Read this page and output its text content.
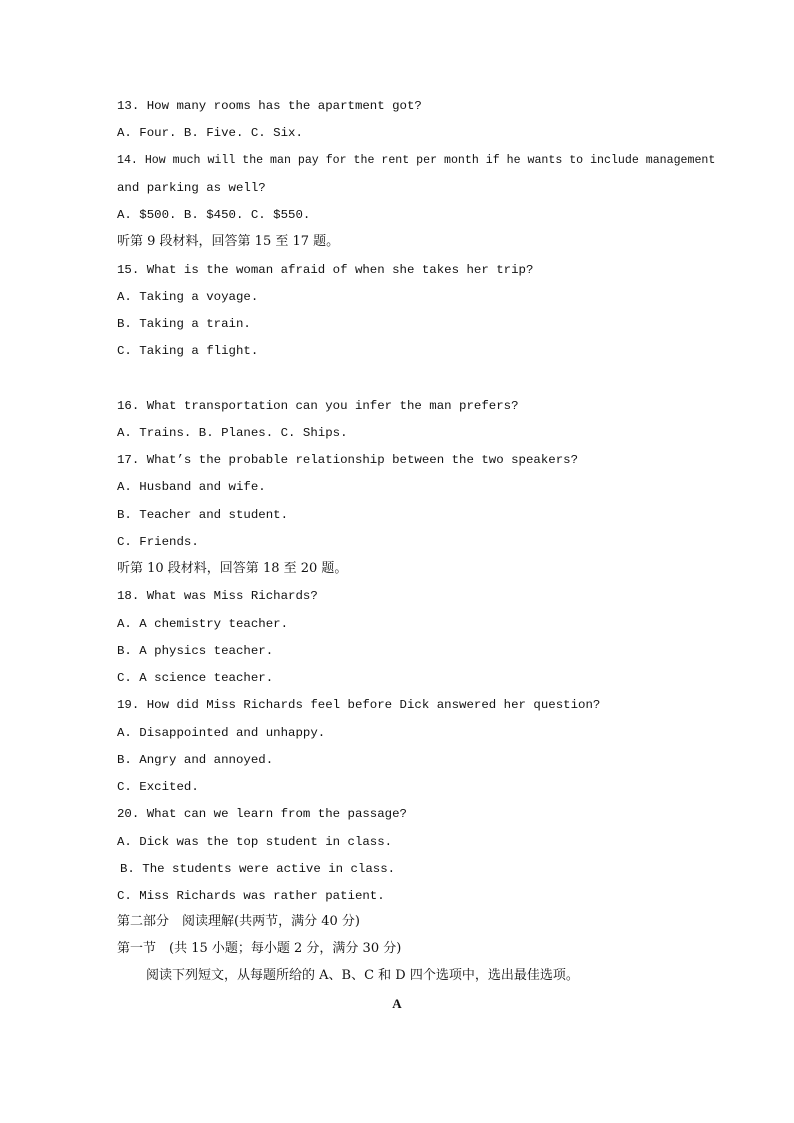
13. How many rooms has the apartment got?
A. Four. B. Five. C. Six.
14. How much will the man pay for the rent per month if he wants to include management
and parking as well?
A. $500. B. $450. C. $550.
听第 9 段材料，回答第 15 至 17 题。
15. What is the woman afraid of when she takes her trip?
A. Taking a voyage.
B. Taking a train.
C. Taking a flight.
16. What transportation can you infer the man prefers?
A. Trains. B. Planes. C. Ships.
17. What’s the probable relationship between the two speakers?
A. Husband and wife.
B. Teacher and student.
C. Friends.
听第 10 段材料，回答第 18 至 20 题。
18. What was Miss Richards?
A. A chemistry teacher.
B. A physics teacher.
C. A science teacher.
19. How did Miss Richards feel before Dick answered her question?
A. Disappointed and unhappy.
B. Angry and annoyed.
C. Excited.
20. What can we learn from the passage?
A. Dick was the top student in class.
B. The students were active in class.
C. Miss Richards was rather patient.
第二部分　阅读理解(共两节，满分 40 分)
第一节　(共 15 小题；每小题 2 分，满分 30 分)
阅读下列短文，从每题所给的 A、B、C 和 D 四个选项中，选出最佳选项。
A
